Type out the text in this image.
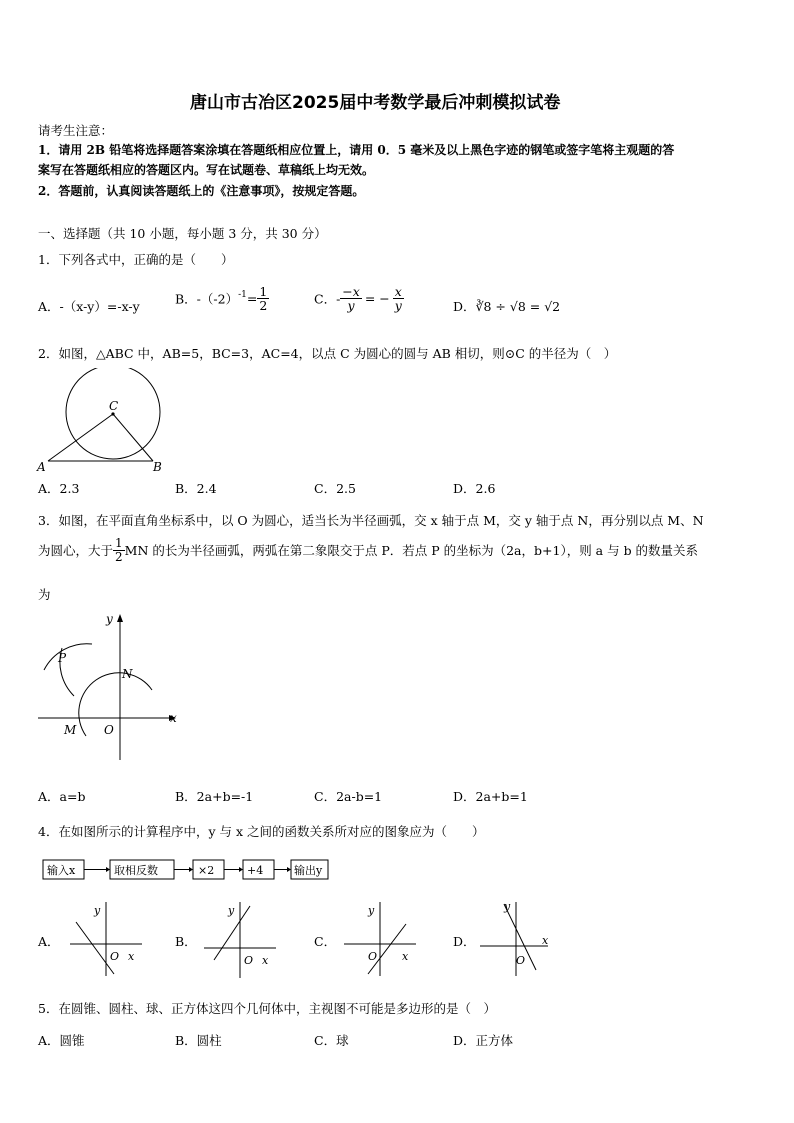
唐山市古冶区2025届中考数学最后冲刺模拟试卷
请考生注意：
1．请用 2B 铅笔将选择题答案涂填在答题纸相应位置上，请用 0．5 毫米及以上黑色字迹的钢笔或签字笔将主观题的答
案写在答题纸相应的答题区内。写在试题卷、草稿纸上均无效。
2．答题前，认真阅读答题纸上的《注意事项》，按规定答题。
一、选择题（共 10 小题，每小题 3 分，共 30 分）
1．下列各式中，正确的是（　　）
A．-（x-y）=-x-y	B．$-(-2)^{-1}= \frac{1}{2}$	C．- $\frac{-x}{y}$ = − $\frac{x}{y}$	D．∛8 ÷ √8 = √2
2．如图，△ABC 中，AB=5，BC=3，AC=4，以点 C 为圆心的圆与 AB 相切，则⊙C 的半径为（　）
C
A	B
A．2.3	B．2.4	C．2.5	D．2.6
3．如图，在平面直角坐标系中，以 O 为圆心，适当长为半径画弧，交 x 轴于点 M，交 y 轴于点 N，再分别以点 M、N
为圆心，大于 $\frac{1}{2}$ MN 的长为半径画弧，两弧在第二象限交于点 P．若点 P 的坐标为（2a，b+1），则 a 与 b 的数量关系
为
y
x
P
N
M O
A．a=b	B．2a+b=-1	C．2a-b=1	D．2a+b=1
4．在如图所示的计算程序中，y 与 x 之间的函数关系所对应的图象应为（　　）
输入x	取相反数	×2	+4	输出y
A．
y
O x
B．
y
O x
C．
y
O x
D．
y
O
x
5．在圆锥、圆柱、球、正方体这四个几何体中，主视图不可能是多边形的是（　）
A．圆锥	B．圆柱	C．球	D．正方体
